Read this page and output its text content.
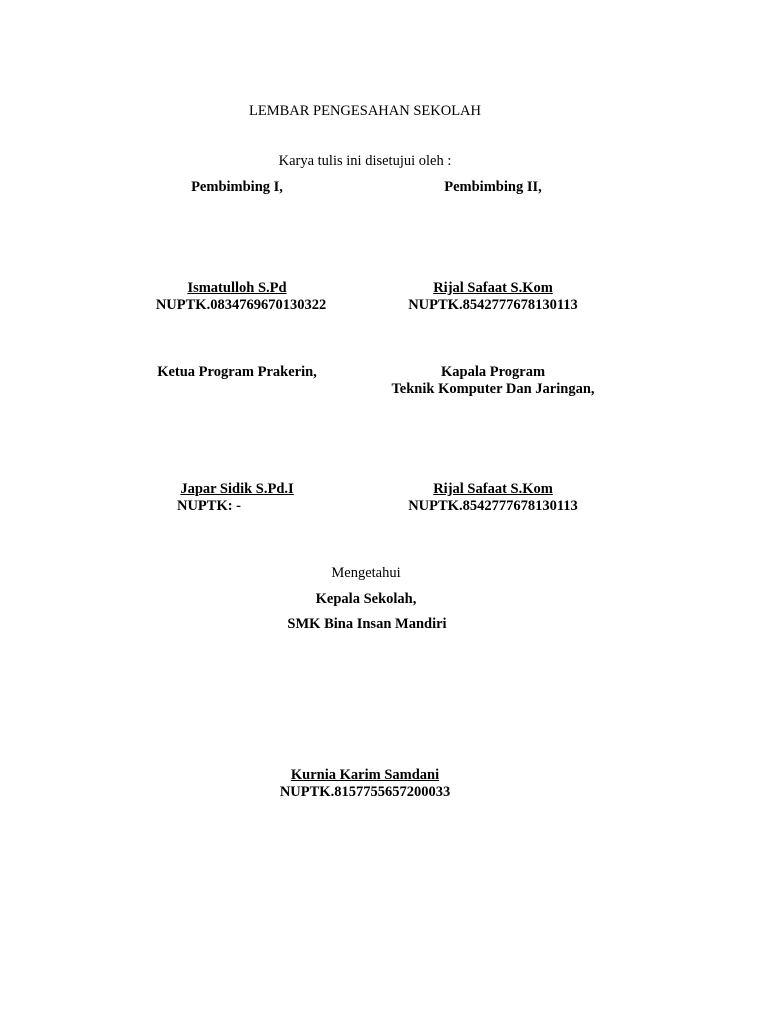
LEMBAR PENGESAHAN SEKOLAH
Karya tulis ini disetujui oleh :
Pembimbing I,	Pembimbing II,
Ismatulloh S.Pd
NUPTK.0834769670130322
Rijal Safaat S.Kom
NUPTK.8542777678130113
Ketua Program Prakerin,	Kapala Program
Teknik Komputer Dan Jaringan,
Japar Sidik S.Pd.I
NUPTK: -
Rijal Safaat S.Kom
NUPTK.8542777678130113
Mengetahui
Kepala Sekolah,
SMK Bina Insan Mandiri
Kurnia Karim Samdani
NUPTK.8157755657200033
